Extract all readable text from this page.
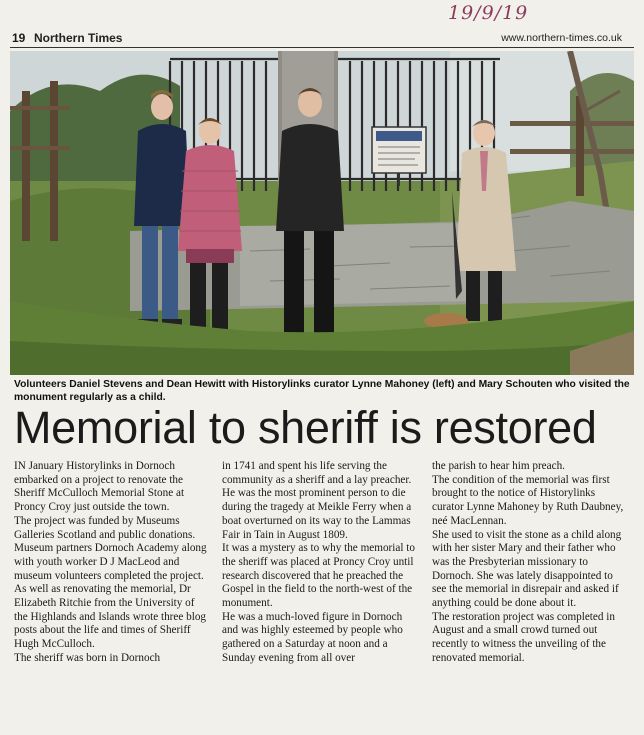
19/9/19
19 Northern Times	www.northern-times.co.uk
Volunteers Daniel Stevens and Dean Hewitt with Historylinks curator Lynne Mahoney (left) and Mary Schouten who visited the monument regularly as a child.
Memorial to sheriff is restored

IN January Historylinks in Dornoch embarked on a project to renovate the Sheriff McCulloch Memorial Stone at Proncy Croy just outside the town.

The project was funded by Museums Galleries Scotland and public donations.

Museum partners Dornoch Academy along with youth worker D J MacLeod and museum volunteers completed the project.

As well as renovating the memorial, Dr Elizabeth Ritchie from the University of the Highlands and Islands wrote three blog posts about the life and times of Sheriff Hugh McCulloch.

The sheriff was born in Dornoch

in 1741 and spent his life serving the community as a sheriff and a lay preacher.

He was the most prominent person to die during the tragedy at Meikle Ferry when a boat overturned on its way to the Lammas Fair in Tain in August 1809.

It was a mystery as to why the memorial to the sheriff was placed at Proncy Croy until research discovered that he preached the Gospel in the field to the north-west of the monument.

He was a much-loved figure in Dornoch and was highly esteemed by people who gathered on a Saturday at noon and a Sunday evening from all over

the parish to hear him preach.

The condition of the memorial was first brought to the notice of Historylinks curator Lynne Mahoney by Ruth Daubney, neé MacLennan.

She used to visit the stone as a child along with her sister Mary and their father who was the Presbyterian missionary to Dornoch. She was lately disappointed to see the memorial in disrepair and asked if anything could be done about it.

The restoration project was completed in August and a small crowd turned out recently to witness the unveiling of the renovated memorial.
